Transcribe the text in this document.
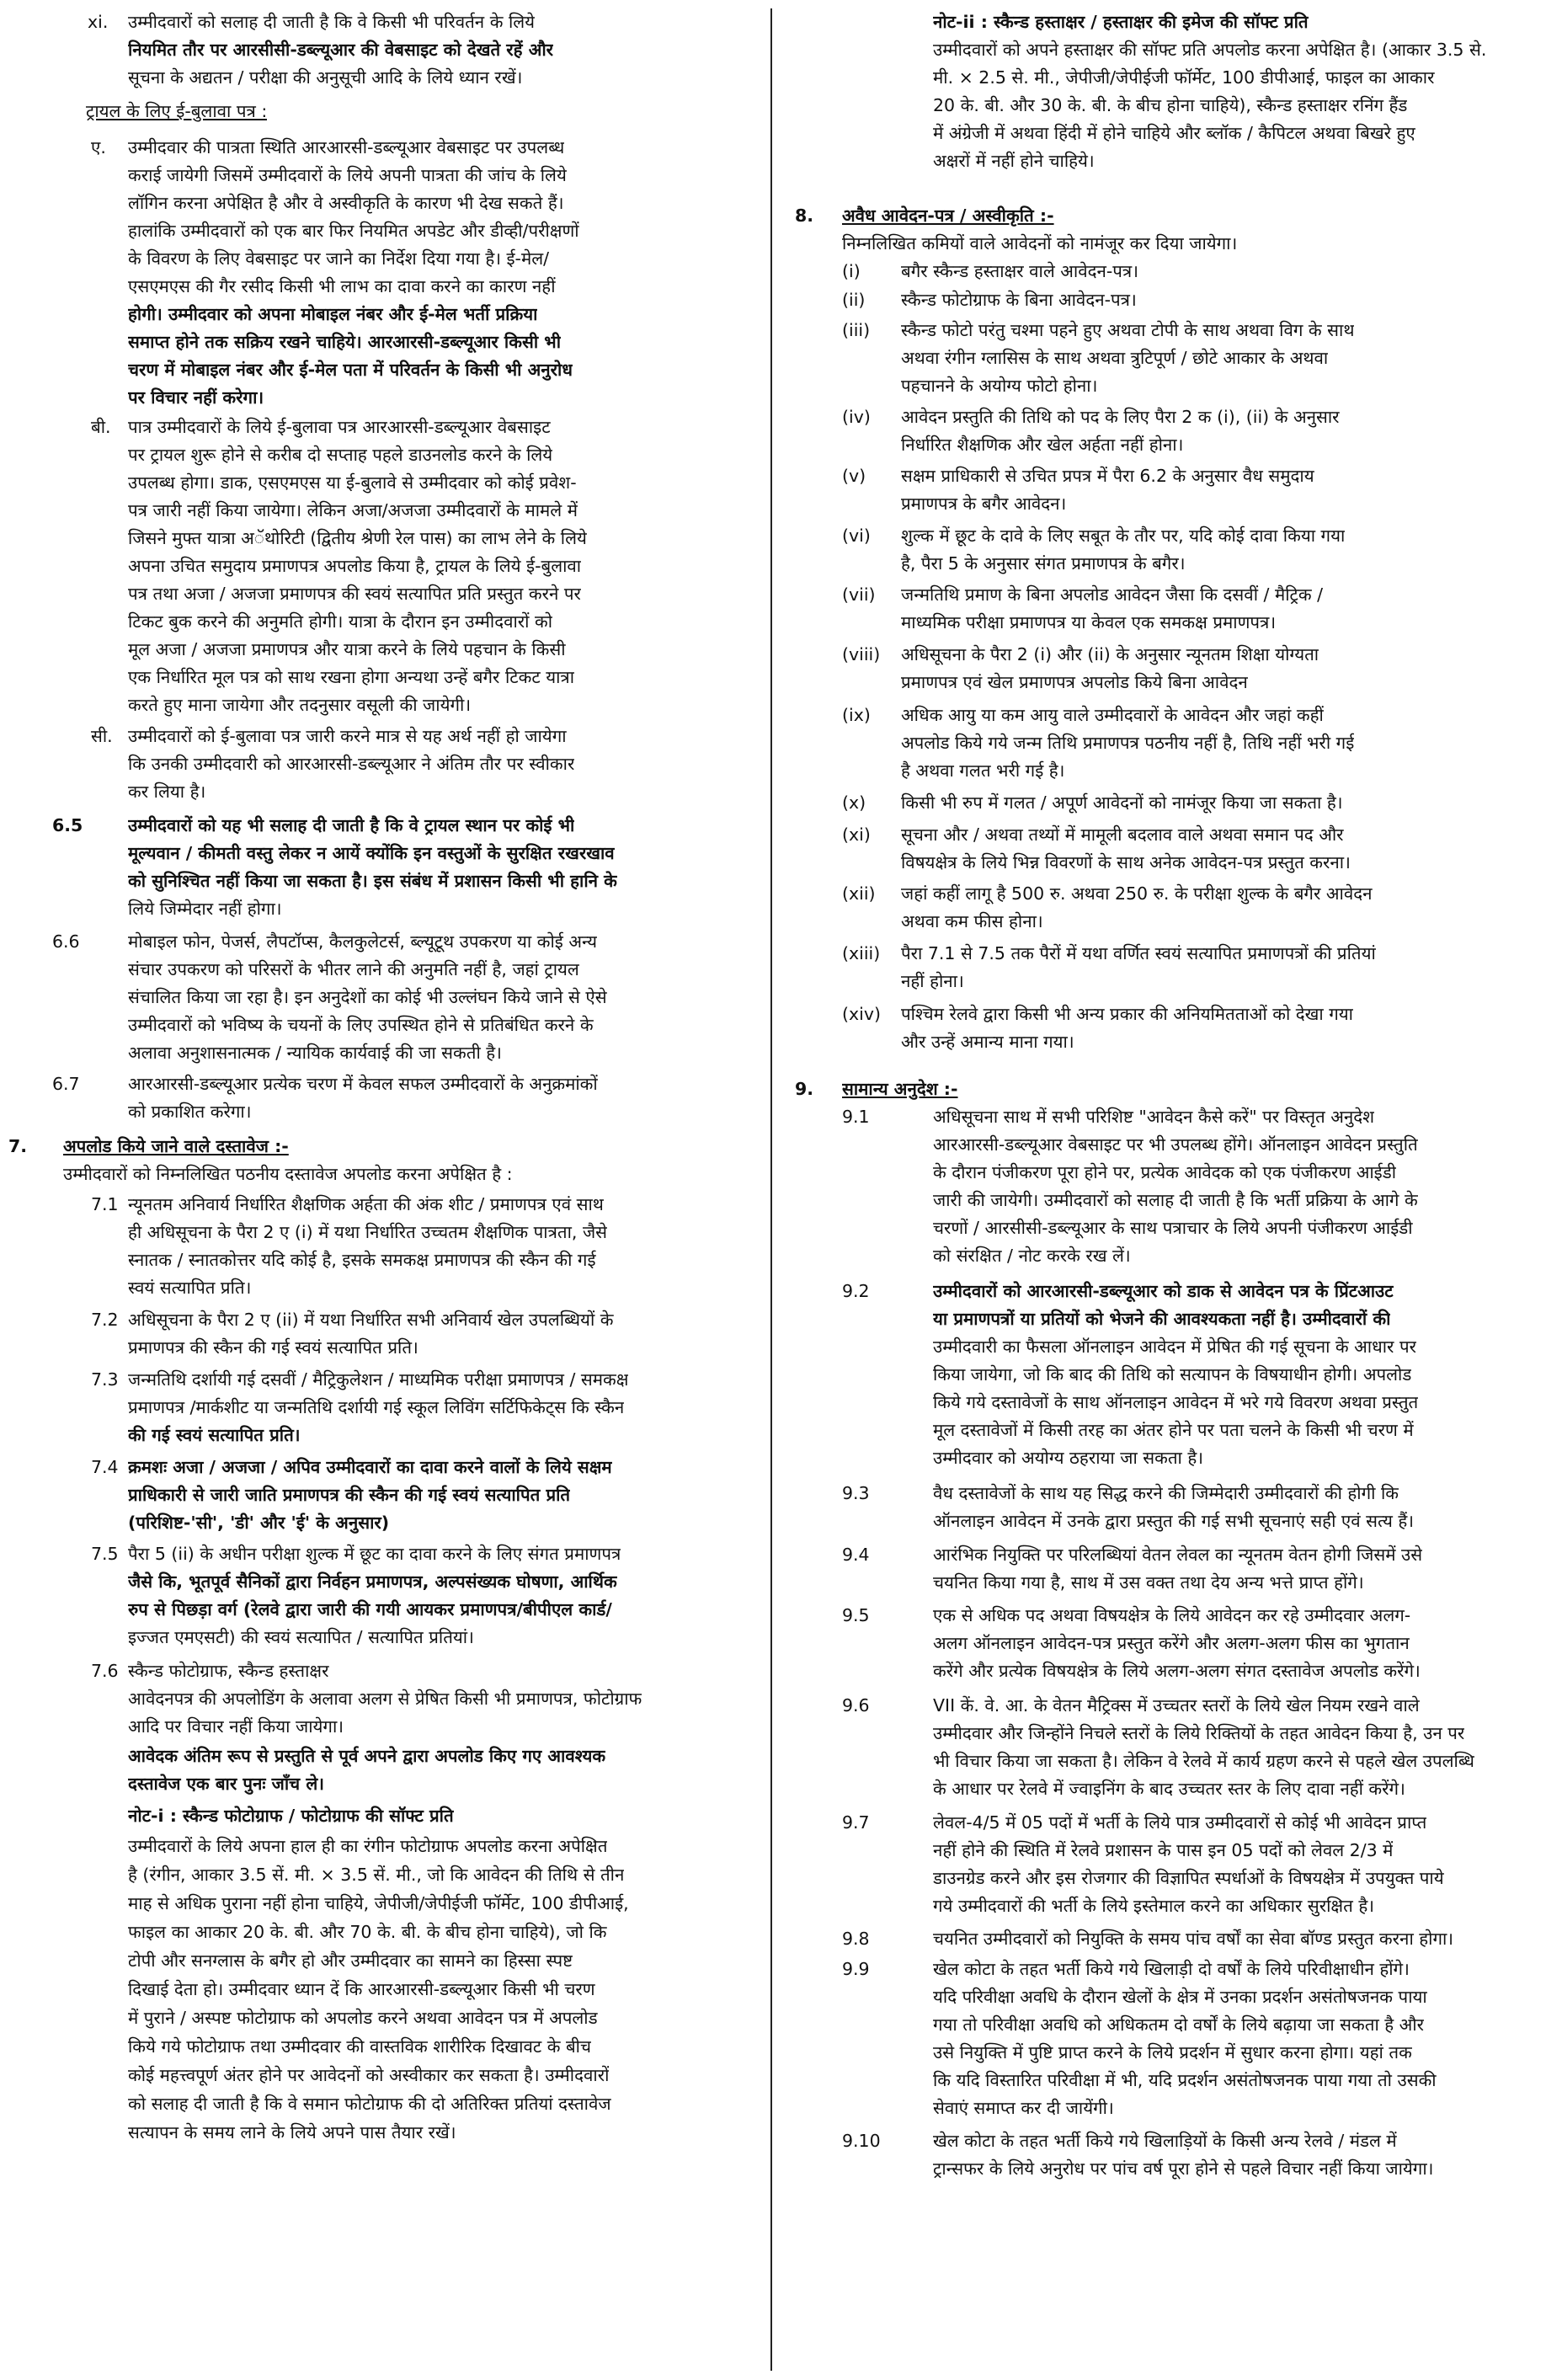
xi. उम्मीदवारों को सलाह दी जाती है कि वे किसी भी परिवर्तन के लिये
नियमित तौर पर आरसीसी-डब्ल्यूआर की वेबसाइट को देखते रहें और
सूचना के अद्यतन / परीक्षा की अनुसूची आदि के लिये ध्यान रखें।
ट्रायल के लिए ई-बुलावा पत्र :
ए. उम्मीदवार की पात्रता स्थिति आरआरसी-डब्ल्यूआर वेबसाइट पर उपलब्ध
कराई जायेगी जिसमें उम्मीदवारों के लिये अपनी पात्रता की जांच के लिये
लॉगिन करना अपेक्षित है और वे अस्वीकृति के कारण भी देख सकते हैं।
हालांकि उम्मीदवारों को एक बार फिर नियमित अपडेट और डीव्ही/परीक्षणों
के विवरण के लिए वेबसाइट पर जाने का निर्देश दिया गया है। ई-मेल/
एसएमएस की गैर रसीद किसी भी लाभ का दावा करने का कारण नहीं
होगी। उम्मीदवार को अपना मोबाइल नंबर और ई-मेल भर्ती प्रक्रिया
समाप्त होने तक सक्रिय रखने चाहिये। आरआरसी-डब्ल्यूआर किसी भी
चरण में मोबाइल नंबर और ई-मेल पता में परिवर्तन के किसी भी अनुरोध
पर विचार नहीं करेगा।
बी. पात्र उम्मीदवारों के लिये ई-बुलावा पत्र आरआरसी-डब्ल्यूआर वेबसाइट
पर ट्रायल शुरू होने से करीब दो सप्ताह पहले डाउनलोड करने के लिये
उपलब्ध होगा। डाक, एसएमएस या ई-बुलावे से उम्मीदवार को कोई प्रवेश-
पत्र जारी नहीं किया जायेगा। लेकिन अजा/अजजा उम्मीदवारों के मामले में
जिसने मुफ्त यात्रा अॅथोरिटी (द्वितीय श्रेणी रेल पास) का लाभ लेने के लिये
अपना उचित समुदाय प्रमाणपत्र अपलोड किया है, ट्रायल के लिये ई-बुलावा
पत्र तथा अजा / अजजा प्रमाणपत्र की स्वयं सत्यापित प्रति प्रस्तुत करने पर
टिकट बुक करने की अनुमति होगी। यात्रा के दौरान इन उम्मीदवारों को
मूल अजा / अजजा प्रमाणपत्र और यात्रा करने के लिये पहचान के किसी
एक निर्धारित मूल पत्र को साथ रखना होगा अन्यथा उन्हें बगैर टिकट यात्रा
करते हुए माना जायेगा और तदनुसार वसूली की जायेगी।
सी. उम्मीदवारों को ई-बुलावा पत्र जारी करने मात्र से यह अर्थ नहीं हो जायेगा
कि उनकी उम्मीदवारी को आरआरसी-डब्ल्यूआर ने अंतिम तौर पर स्वीकार
कर लिया है।
6.5	उम्मीदवारों को यह भी सलाह दी जाती है कि वे ट्रायल स्थान पर कोई भी
मूल्यवान / कीमती वस्तु लेकर न आयें क्योंकि इन वस्तुओं के सुरक्षित रखरखाव
को सुनिश्चित नहीं किया जा सकता है। इस संबंध में प्रशासन किसी भी हानि के
लिये जिम्मेदार नहीं होगा।
6.6	मोबाइल फोन, पेजर्स, लैपटॉप्स, कैलकुलेटर्स, ब्ल्यूटूथ उपकरण या कोई अन्य
संचार उपकरण को परिसरों के भीतर लाने की अनुमति नहीं है, जहां ट्रायल
संचालित किया जा रहा है। इन अनुदेशों का कोई भी उल्लंघन किये जाने से ऐसे
उम्मीदवारों को भविष्य के चयनों के लिए उपस्थित होने से प्रतिबंधित करने के
अलावा अनुशासनात्मक / न्यायिक कार्यवाई की जा सकती है।
6.7	आरआरसी-डब्ल्यूआर प्रत्येक चरण में केवल सफल उम्मीदवारों के अनुक्रमांकों
को प्रकाशित करेगा।
7. अपलोड किये जाने वाले दस्तावेज :-
उम्मीदवारों को निम्नलिखित पठनीय दस्तावेज अपलोड करना अपेक्षित है :
7.1 न्यूनतम अनिवार्य निर्धारित शैक्षणिक अर्हता की अंक शीट / प्रमाणपत्र एवं साथ
ही अधिसूचना के पैरा 2 ए (i) में यथा निर्धारित उच्चतम शैक्षणिक पात्रता, जैसे
स्नातक / स्नातकोत्तर यदि कोई है, इसके समकक्ष प्रमाणपत्र की स्कैन की गई
स्वयं सत्यापित प्रति।
7.2 अधिसूचना के पैरा 2 ए (ii) में यथा निर्धारित सभी अनिवार्य खेल उपलब्धियों के
प्रमाणपत्र की स्कैन की गई स्वयं सत्यापित प्रति।
7.3 जन्मतिथि दर्शायी गई दसवीं / मैट्रिकुलेशन / माध्यमिक परीक्षा प्रमाणपत्र / समकक्ष
प्रमाणपत्र /मार्कशीट या जन्मतिथि दर्शायी गई स्कूल लिविंग सर्टिफिकेट्स कि स्कैन
की गई स्वयं सत्यापित प्रति।
7.4 क्रमशः अजा / अजजा / अपिव उम्मीदवारों का दावा करने वालों के लिये सक्षम
प्राधिकारी से जारी जाति प्रमाणपत्र की स्कैन की गई स्वयं सत्यापित प्रति
(परिशिष्ट-'सी', 'डी' और 'ई' के अनुसार)
7.5 पैरा 5 (ii) के अधीन परीक्षा शुल्क में छूट का दावा करने के लिए संगत प्रमाणपत्र
जैसे कि, भूतपूर्व सैनिकों द्वारा निर्वहन प्रमाणपत्र, अल्पसंख्यक घोषणा, आर्थिक
रुप से पिछड़ा वर्ग (रेलवे द्वारा जारी की गयी आयकर प्रमाणपत्र/बीपीएल कार्ड/
इज्जत एमएसटी) की स्वयं सत्यापित / सत्यापित प्रतियां।
7.6 स्कैन्ड फोटोग्राफ, स्कैन्ड हस्ताक्षर
आवेदनपत्र की अपलोडिंग के अलावा अलग से प्रेषित किसी भी प्रमाणपत्र, फोटोग्राफ
आदि पर विचार नहीं किया जायेगा।
आवेदक अंतिम रूप से प्रस्तुति से पूर्व अपने द्वारा अपलोड किए गए आवश्यक
दस्तावेज एक बार पुनः जाँच ले।
नोट-i : स्कैन्ड फोटोग्राफ / फोटोग्राफ की सॉफ्ट प्रति
उम्मीदवारों के लिये अपना हाल ही का रंगीन फोटोग्राफ अपलोड करना अपेक्षित
है (रंगीन, आकार 3.5 सें. मी. × 3.5 सें. मी., जो कि आवेदन की तिथि से तीन
माह से अधिक पुराना नहीं होना चाहिये, जेपीजी/जेपीईजी फॉर्मेट, 100 डीपीआई,
फाइल का आकार 20 के. बी. और 70 के. बी. के बीच होना चाहिये), जो कि
टोपी और सनग्लास के बगैर हो और उम्मीदवार का सामने का हिस्सा स्पष्ट
दिखाई देता हो। उम्मीदवार ध्यान दें कि आरआरसी-डब्ल्यूआर किसी भी चरण
में पुराने / अस्पष्ट फोटोग्राफ को अपलोड करने अथवा आवेदन पत्र में अपलोड
किये गये फोटोग्राफ तथा उम्मीदवार की वास्तविक शारीरिक दिखावट के बीच
कोई महत्त्वपूर्ण अंतर होने पर आवेदनों को अस्वीकार कर सकता है। उम्मीदवारों
को सलाह दी जाती है कि वे समान फोटोग्राफ की दो अतिरिक्त प्रतियां दस्तावेज
सत्यापन के समय लाने के लिये अपने पास तैयार रखें।
नोट-ii : स्कैन्ड हस्ताक्षर / हस्ताक्षर की इमेज की सॉफ्ट प्रति
उम्मीदवारों को अपने हस्ताक्षर की सॉफ्ट प्रति अपलोड करना अपेक्षित है। (आकार 3.5 से.
मी. × 2.5 से. मी., जेपीजी/जेपीईजी फॉर्मेट, 100 डीपीआई, फाइल का आकार
20 के. बी. और 30 के. बी. के बीच होना चाहिये), स्कैन्ड हस्ताक्षर रनिंग हैंड
में अंग्रेजी में अथवा हिंदी में होने चाहिये और ब्लॉक / कैपिटल अथवा बिखरे हुए
अक्षरों में नहीं होने चाहिये।
8. अवैध आवेदन-पत्र / अस्वीकृति :-
निम्नलिखित कमियों वाले आवेदनों को नामंजूर कर दिया जायेगा।
(i) बगैर स्कैन्ड हस्ताक्षर वाले आवेदन-पत्र।
(ii) स्कैन्ड फोटोग्राफ के बिना आवेदन-पत्र।
(iii) स्कैन्ड फोटो परंतु चश्मा पहने हुए अथवा टोपी के साथ अथवा विग के साथ
अथवा रंगीन ग्लासिस के साथ अथवा त्रुटिपूर्ण / छोटे आकार के अथवा
पहचानने के अयोग्य फोटो होना।
(iv) आवेदन प्रस्तुति की तिथि को पद के लिए पैरा 2 क (i), (ii) के अनुसार
निर्धारित शैक्षणिक और खेल अर्हता नहीं होना।
(v) सक्षम प्राधिकारी से उचित प्रपत्र में पैरा 6.2 के अनुसार वैध समुदाय
प्रमाणपत्र के बगैर आवेदन।
(vi) शुल्क में छूट के दावे के लिए सबूत के तौर पर, यदि कोई दावा किया गया
है, पैरा 5 के अनुसार संगत प्रमाणपत्र के बगैर।
(vii) जन्मतिथि प्रमाण के बिना अपलोड आवेदन जैसा कि दसवीं / मैट्रिक /
माध्यमिक परीक्षा प्रमाणपत्र या केवल एक समकक्ष प्रमाणपत्र।
(viii) अधिसूचना के पैरा 2 (i) और (ii) के अनुसार न्यूनतम शिक्षा योग्यता
प्रमाणपत्र एवं खेल प्रमाणपत्र अपलोड किये बिना आवेदन
(ix) अधिक आयु या कम आयु वाले उम्मीदवारों के आवेदन और जहां कहीं
अपलोड किये गये जन्म तिथि प्रमाणपत्र पठनीय नहीं है, तिथि नहीं भरी गई
है अथवा गलत भरी गई है।
(x) किसी भी रुप में गलत / अपूर्ण आवेदनों को नामंजूर किया जा सकता है।
(xi) सूचना और / अथवा तथ्यों में मामूली बदलाव वाले अथवा समान पद और
विषयक्षेत्र के लिये भिन्न विवरणों के साथ अनेक आवेदन-पत्र प्रस्तुत करना।
(xii) जहां कहीं लागू है 500 रु. अथवा 250 रु. के परीक्षा शुल्क के बगैर आवेदन
अथवा कम फीस होना।
(xiii) पैरा 7.1 से 7.5 तक पैरों में यथा वर्णित स्वयं सत्यापित प्रमाणपत्रों की प्रतियां
नहीं होना।
(xiv) पश्चिम रेलवे द्वारा किसी भी अन्य प्रकार की अनियमितताओं को देखा गया
और उन्हें अमान्य माना गया।
9. सामान्य अनुदेश :-
9.1	अधिसूचना साथ में सभी परिशिष्ट "आवेदन कैसे करें" पर विस्तृत अनुदेश
आरआरसी-डब्ल्यूआर वेबसाइट पर भी उपलब्ध होंगे। ऑनलाइन आवेदन प्रस्तुति
के दौरान पंजीकरण पूरा होने पर, प्रत्येक आवेदक को एक पंजीकरण आईडी
जारी की जायेगी। उम्मीदवारों को सलाह दी जाती है कि भर्ती प्रक्रिया के आगे के
चरणों / आरसीसी-डब्ल्यूआर के साथ पत्राचार के लिये अपनी पंजीकरण आईडी
को संरक्षित / नोट करके रख लें।
9.2	उम्मीदवारों को आरआरसी-डब्ल्यूआर को डाक से आवेदन पत्र के प्रिंटआउट
या प्रमाणपत्रों या प्रतियों को भेजने की आवश्यकता नहीं है। उम्मीदवारों की
उम्मीदवारी का फैसला ऑनलाइन आवेदन में प्रेषित की गई सूचना के आधार पर
किया जायेगा, जो कि बाद की तिथि को सत्यापन के विषयाधीन होगी। अपलोड
किये गये दस्तावेजों के साथ ऑनलाइन आवेदन में भरे गये विवरण अथवा प्रस्तुत
मूल दस्तावेजों में किसी तरह का अंतर होने पर पता चलने के किसी भी चरण में
उम्मीदवार को अयोग्य ठहराया जा सकता है।
9.3	वैध दस्तावेजों के साथ यह सिद्ध करने की जिम्मेदारी उम्मीदवारों की होगी कि
ऑनलाइन आवेदन में उनके द्वारा प्रस्तुत की गई सभी सूचनाएं सही एवं सत्य हैं।
9.4	आरंभिक नियुक्ति पर परिलब्धियां वेतन लेवल का न्यूनतम वेतन होगी जिसमें उसे
चयनित किया गया है, साथ में उस वक्त तथा देय अन्य भत्ते प्राप्त होंगे।
9.5	एक से अधिक पद अथवा विषयक्षेत्र के लिये आवेदन कर रहे उम्मीदवार अलग-
अलग ऑनलाइन आवेदन-पत्र प्रस्तुत करेंगे और अलग-अलग फीस का भुगतान
करेंगे और प्रत्येक विषयक्षेत्र के लिये अलग-अलग संगत दस्तावेज अपलोड करेंगे।
9.6	VII कें. वे. आ. के वेतन मैट्रिक्स में उच्चतर स्तरों के लिये खेल नियम रखने वाले
उम्मीदवार और जिन्होंने निचले स्तरों के लिये रिक्तियों के तहत आवेदन किया है, उन पर
भी विचार किया जा सकता है। लेकिन वे रेलवे में कार्य ग्रहण करने से पहले खेल उपलब्धि
के आधार पर रेलवे में ज्वाइनिंग के बाद उच्चतर स्तर के लिए दावा नहीं करेंगे।
9.7	लेवल-4/5 में 05 पदों में भर्ती के लिये पात्र उम्मीदवारों से कोई भी आवेदन प्राप्त
नहीं होने की स्थिति में रेलवे प्रशासन के पास इन 05 पदों को लेवल 2/3 में
डाउनग्रेड करने और इस रोजगार की विज्ञापित स्पर्धाओं के विषयक्षेत्र में उपयुक्त पाये
गये उम्मीदवारों की भर्ती के लिये इस्तेमाल करने का अधिकार सुरक्षित है।
9.8	चयनित उम्मीदवारों को नियुक्ति के समय पांच वर्षों का सेवा बॉण्ड प्रस्तुत करना होगा।
9.9	खेल कोटा के तहत भर्ती किये गये खिलाड़ी दो वर्षों के लिये परिवीक्षाधीन होंगे।
यदि परिवीक्षा अवधि के दौरान खेलों के क्षेत्र में उनका प्रदर्शन असंतोषजनक पाया
गया तो परिवीक्षा अवधि को अधिकतम दो वर्षों के लिये बढ़ाया जा सकता है और
उसे नियुक्ति में पुष्टि प्राप्त करने के लिये प्रदर्शन में सुधार करना होगा। यहां तक
कि यदि विस्तारित परिवीक्षा में भी, यदि प्रदर्शन असंतोषजनक पाया गया तो उसकी
सेवाएं समाप्त कर दी जायेंगी।
9.10	खेल कोटा के तहत भर्ती किये गये खिलाड़ियों के किसी अन्य रेलवे / मंडल में
ट्रान्सफर के लिये अनुरोध पर पांच वर्ष पूरा होने से पहले विचार नहीं किया जायेगा।
